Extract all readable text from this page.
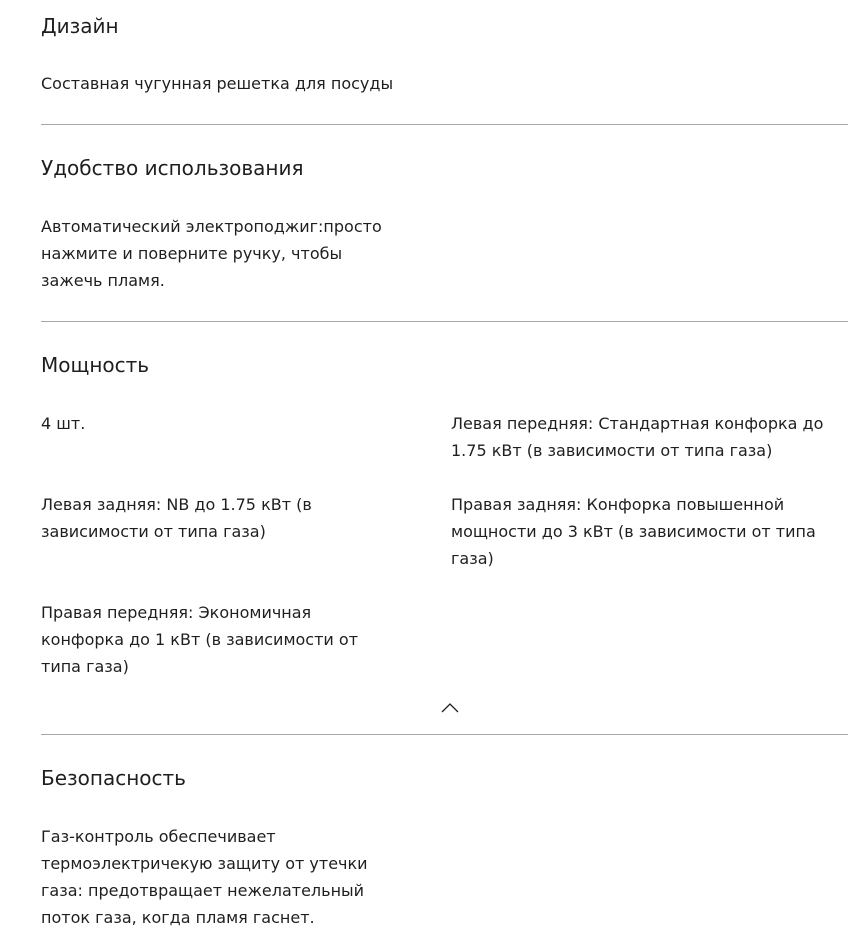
Дизайн

Составная чугунная решетка для посуды

Удобство использования

Автоматический электроподжиг:просто
нажмите и поверните ручку, чтобы
зажечь пламя.

Мощность

4 шт.	Левая передняя: Стандартная конфорка до
1.75 кВт (в зависимости от типа газа)

Левая задняя: NB до 1.75 кВт (в
зависимости от типа газа)

Правая задняя: Конфорка повышенной
мощности до 3 кВт (в зависимости от типа
газа)

Правая передняя: Экономичная
конфорка до 1 кВт (в зависимости от
типа газа)

Безопасность

Газ-контроль обеспечивает
термоэлектричекую защиту от утечки
газа: предотвращает нежелательный
поток газа, когда пламя гаснет.
